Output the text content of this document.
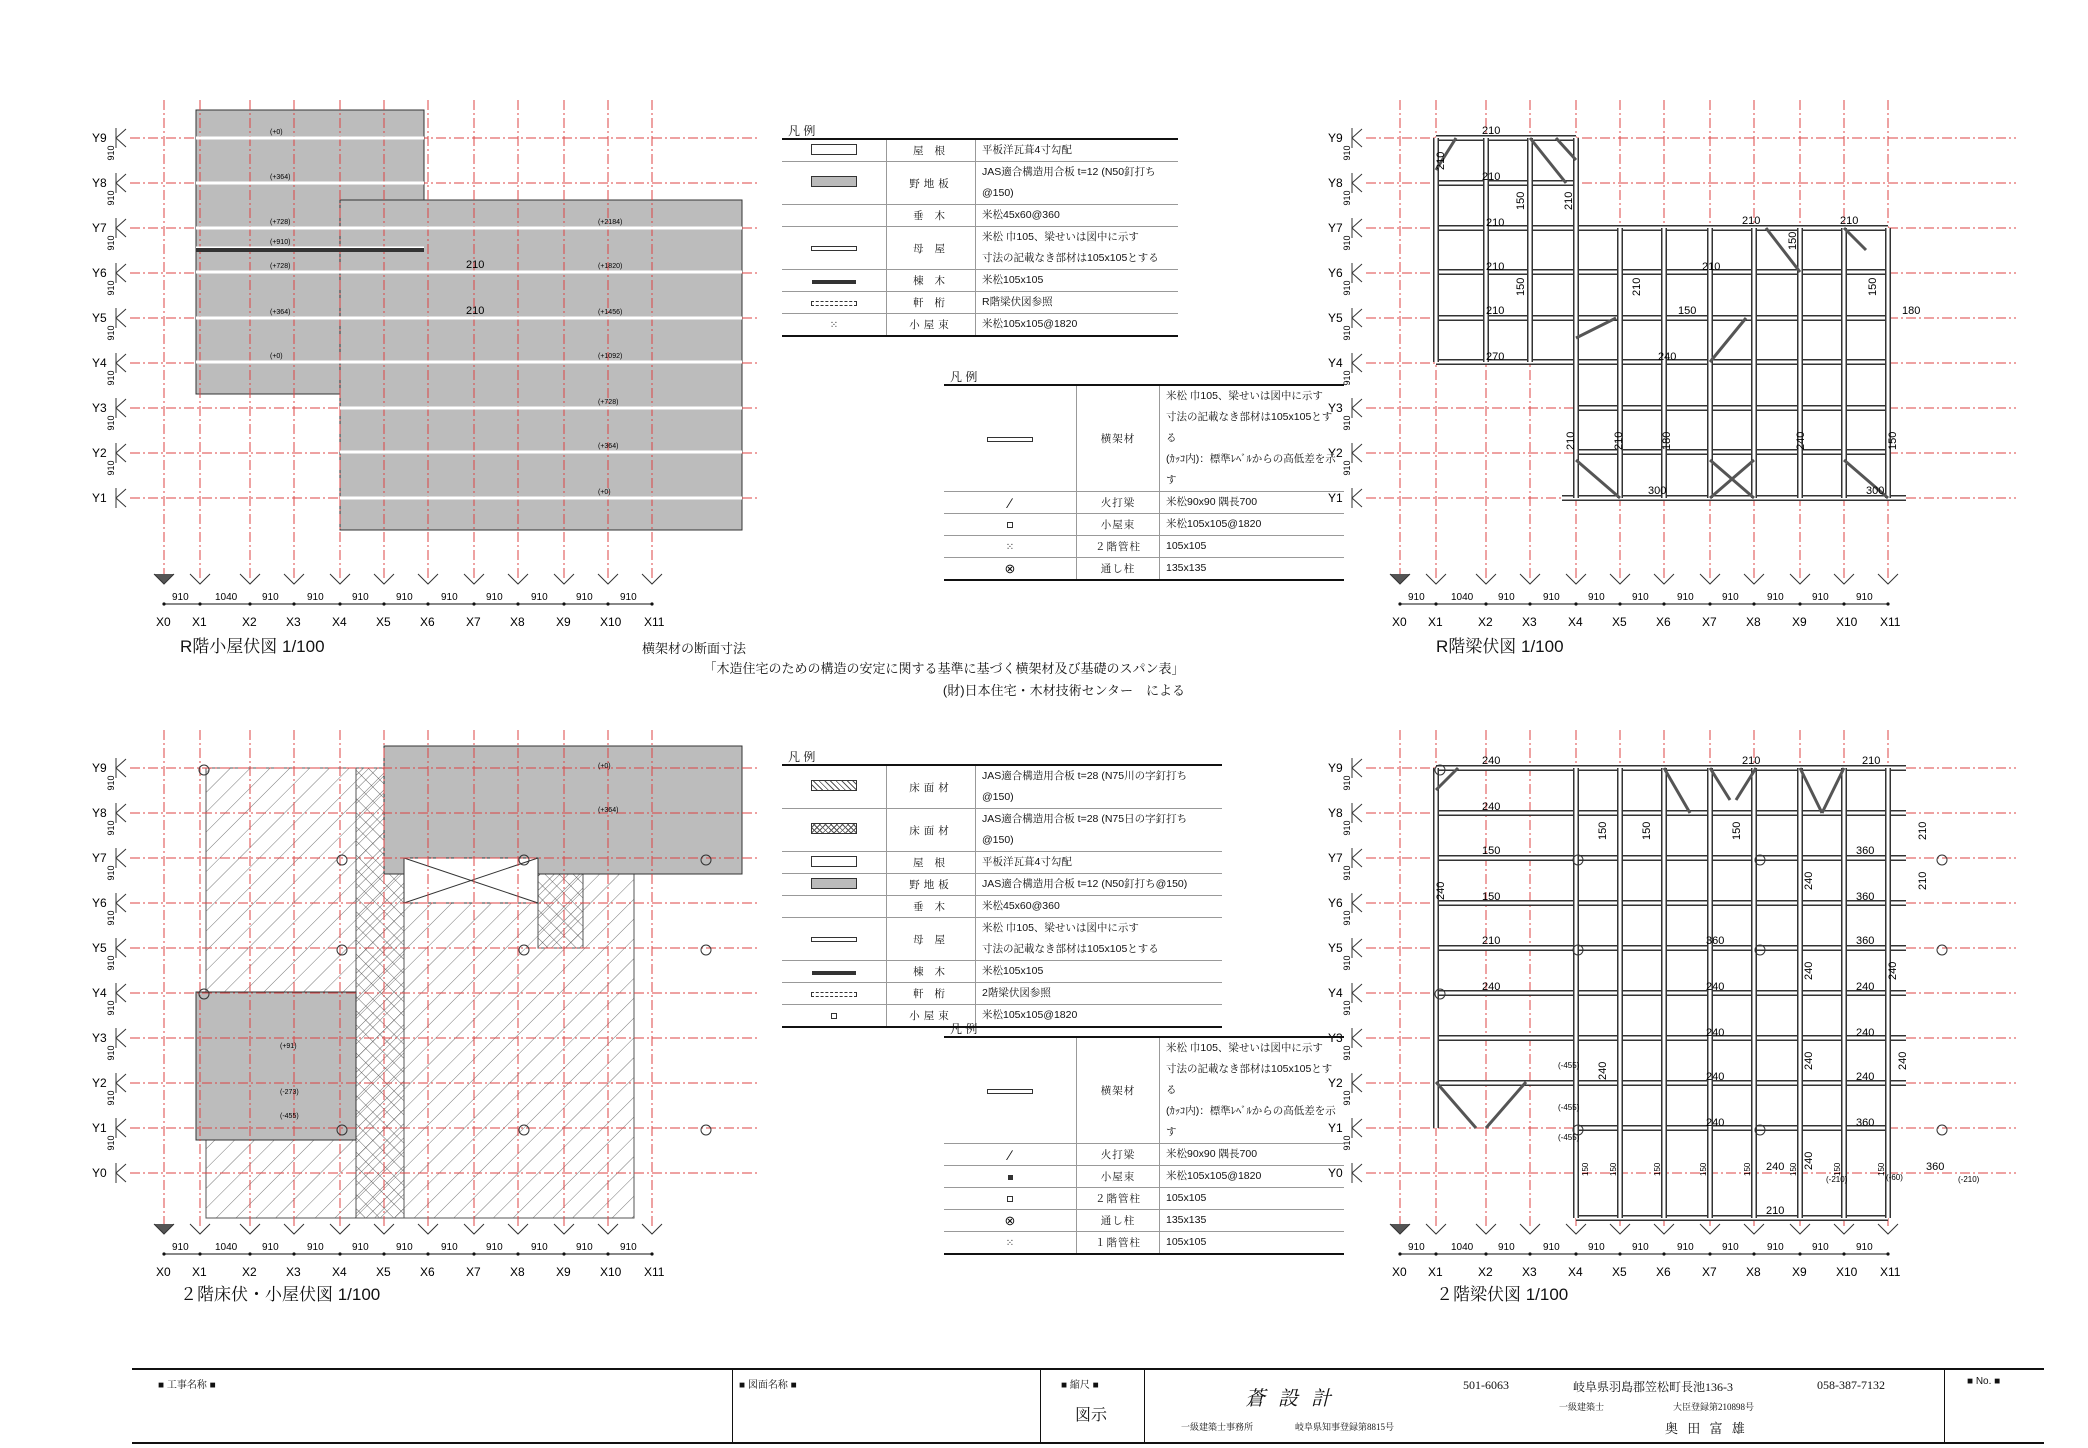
Y9
910
Y8
910
Y7
910
Y6
910
Y5
910
Y4
910
Y3
910
Y2
910
Y1
X0
910
X1
1040
X2
910
X3
910
X4
910
X5
910
X6
910
X7
910
X8
910
X9
910
X10
910
X11
(+0)
(+364)
(+728)
(+910)
(+728)
(+364)
(+0)
(+2184)
(+1820)
(+1456)
(+1092)
(+728)
(+364)
(+0)
210
210
R階小屋伏図 1/100
Y9
910
Y8
910
Y7
910
Y6
910
Y5
910
Y4
910
Y3
910
Y2
910
Y1
X0
910
X1
1040
X2
910
X3
910
X4
910
X5
910
X6
910
X7
910
X8
910
X9
910
X10
910
X11
210
210
210	210	210
210
210
270	240
300
210
300
150	180
210
150	210
150
150
210	150
210	210	180	240	150
R階梁伏図 1/100
Y9
910
Y8
910
Y7
910
Y6
910
Y5
910
Y4
910
Y3
910
Y2
910
Y1
910
Y0
X0
910
X1
1040
X2
910
X3
910
X4
910
X5
910
X6
910
X7
910
X8
910
X9
910
X10
910
X11
(+0)
(+364)
(+91)
(-273)
(-455)
２階床伏・小屋伏図 1/100
Y9
910
Y8
910
Y7
910
Y6
910
Y5
910
Y4
910
Y3
910
Y2
910
Y1
910
Y0
X0
910
X1
1040
X2
910
X3
910
X4
910
X5
910
X6
910
X7
910
X8
910
X9
910
X10
910
X11
240	210	210
240
150	360
150	360
210	360	360
240	240	240
240	240
240	240
240	360
240
210
360
240
150	150	150	210
240
240
240	240
240
240
240
210
(-455)
(-455)
(-455)
(-60)
(-210)	(-210)
150 150	150	150	150	150	150	150
２階梁伏図 1/100
凡 例
	屋 根	平板洋瓦葺4寸勾配

	野地板	JAS適合構造用合板 t=12 (N50釘打ち@150)

	垂 木	米松45x60@360

	母 屋	米松 巾105、梁せいは図中に示す
寸法の記載なき部材は105x105とする

	棟 木	米松105x105

	軒 桁	R階梁伏図参照

⁙	小屋束	米松105x105@1820
凡 例
	横架材	米松 巾105、梁せいは図中に示す
寸法の記載なき部材は105x105とする
(ｶｯｺ内)：標準ﾚﾍﾞﾙからの高低差を示す

∕	火打梁	米松90x90 隅長700

	小屋束	米松105x105@1820

⁙	２階管柱	105x105

⊗	通し柱	135x135
凡 例
	床面材	JAS適合構造用合板 t=28 (N75川の字釘打ち@150)

	床面材	JAS適合構造用合板 t=28 (N75日の字釘打ち@150)

	屋 根	平板洋瓦葺4寸勾配

	野地板	JAS適合構造用合板 t=12 (N50釘打ち@150)

	垂 木	米松45x60@360

	母 屋	米松 巾105、梁せいは図中に示す
寸法の記載なき部材は105x105とする

	棟 木	米松105x105

	軒 桁	2階梁伏図参照

	小屋束	米松105x105@1820
凡 例
	横架材	米松 巾105、梁せいは図中に示す
寸法の記載なき部材は105x105とする
(ｶｯｺ内)：標準ﾚﾍﾞﾙからの高低差を示す

∕	火打梁	米松90x90 隅長700

	小屋束	米松105x105@1820

	２階管柱	105x105

⊗	通し柱	135x135

⁙	１階管柱	105x105
横架材の断面寸法
「木造住宅のための構造の安定に関する基準に基づく横架材及び基礎のスパン表」
(財)日本住宅・木材技術センター　による
■ 工事名称 ■	■ 図面名称 ■	■ 縮尺 ■
図示
蒼 設 計
一級建築士事務所	岐阜県知事登録第8815号
501-6063	岐阜県羽島郡笠松町長池136-3	058-387-7132
一級建築士	大臣登録第210898号
奥 田 富 雄
■ No. ■
